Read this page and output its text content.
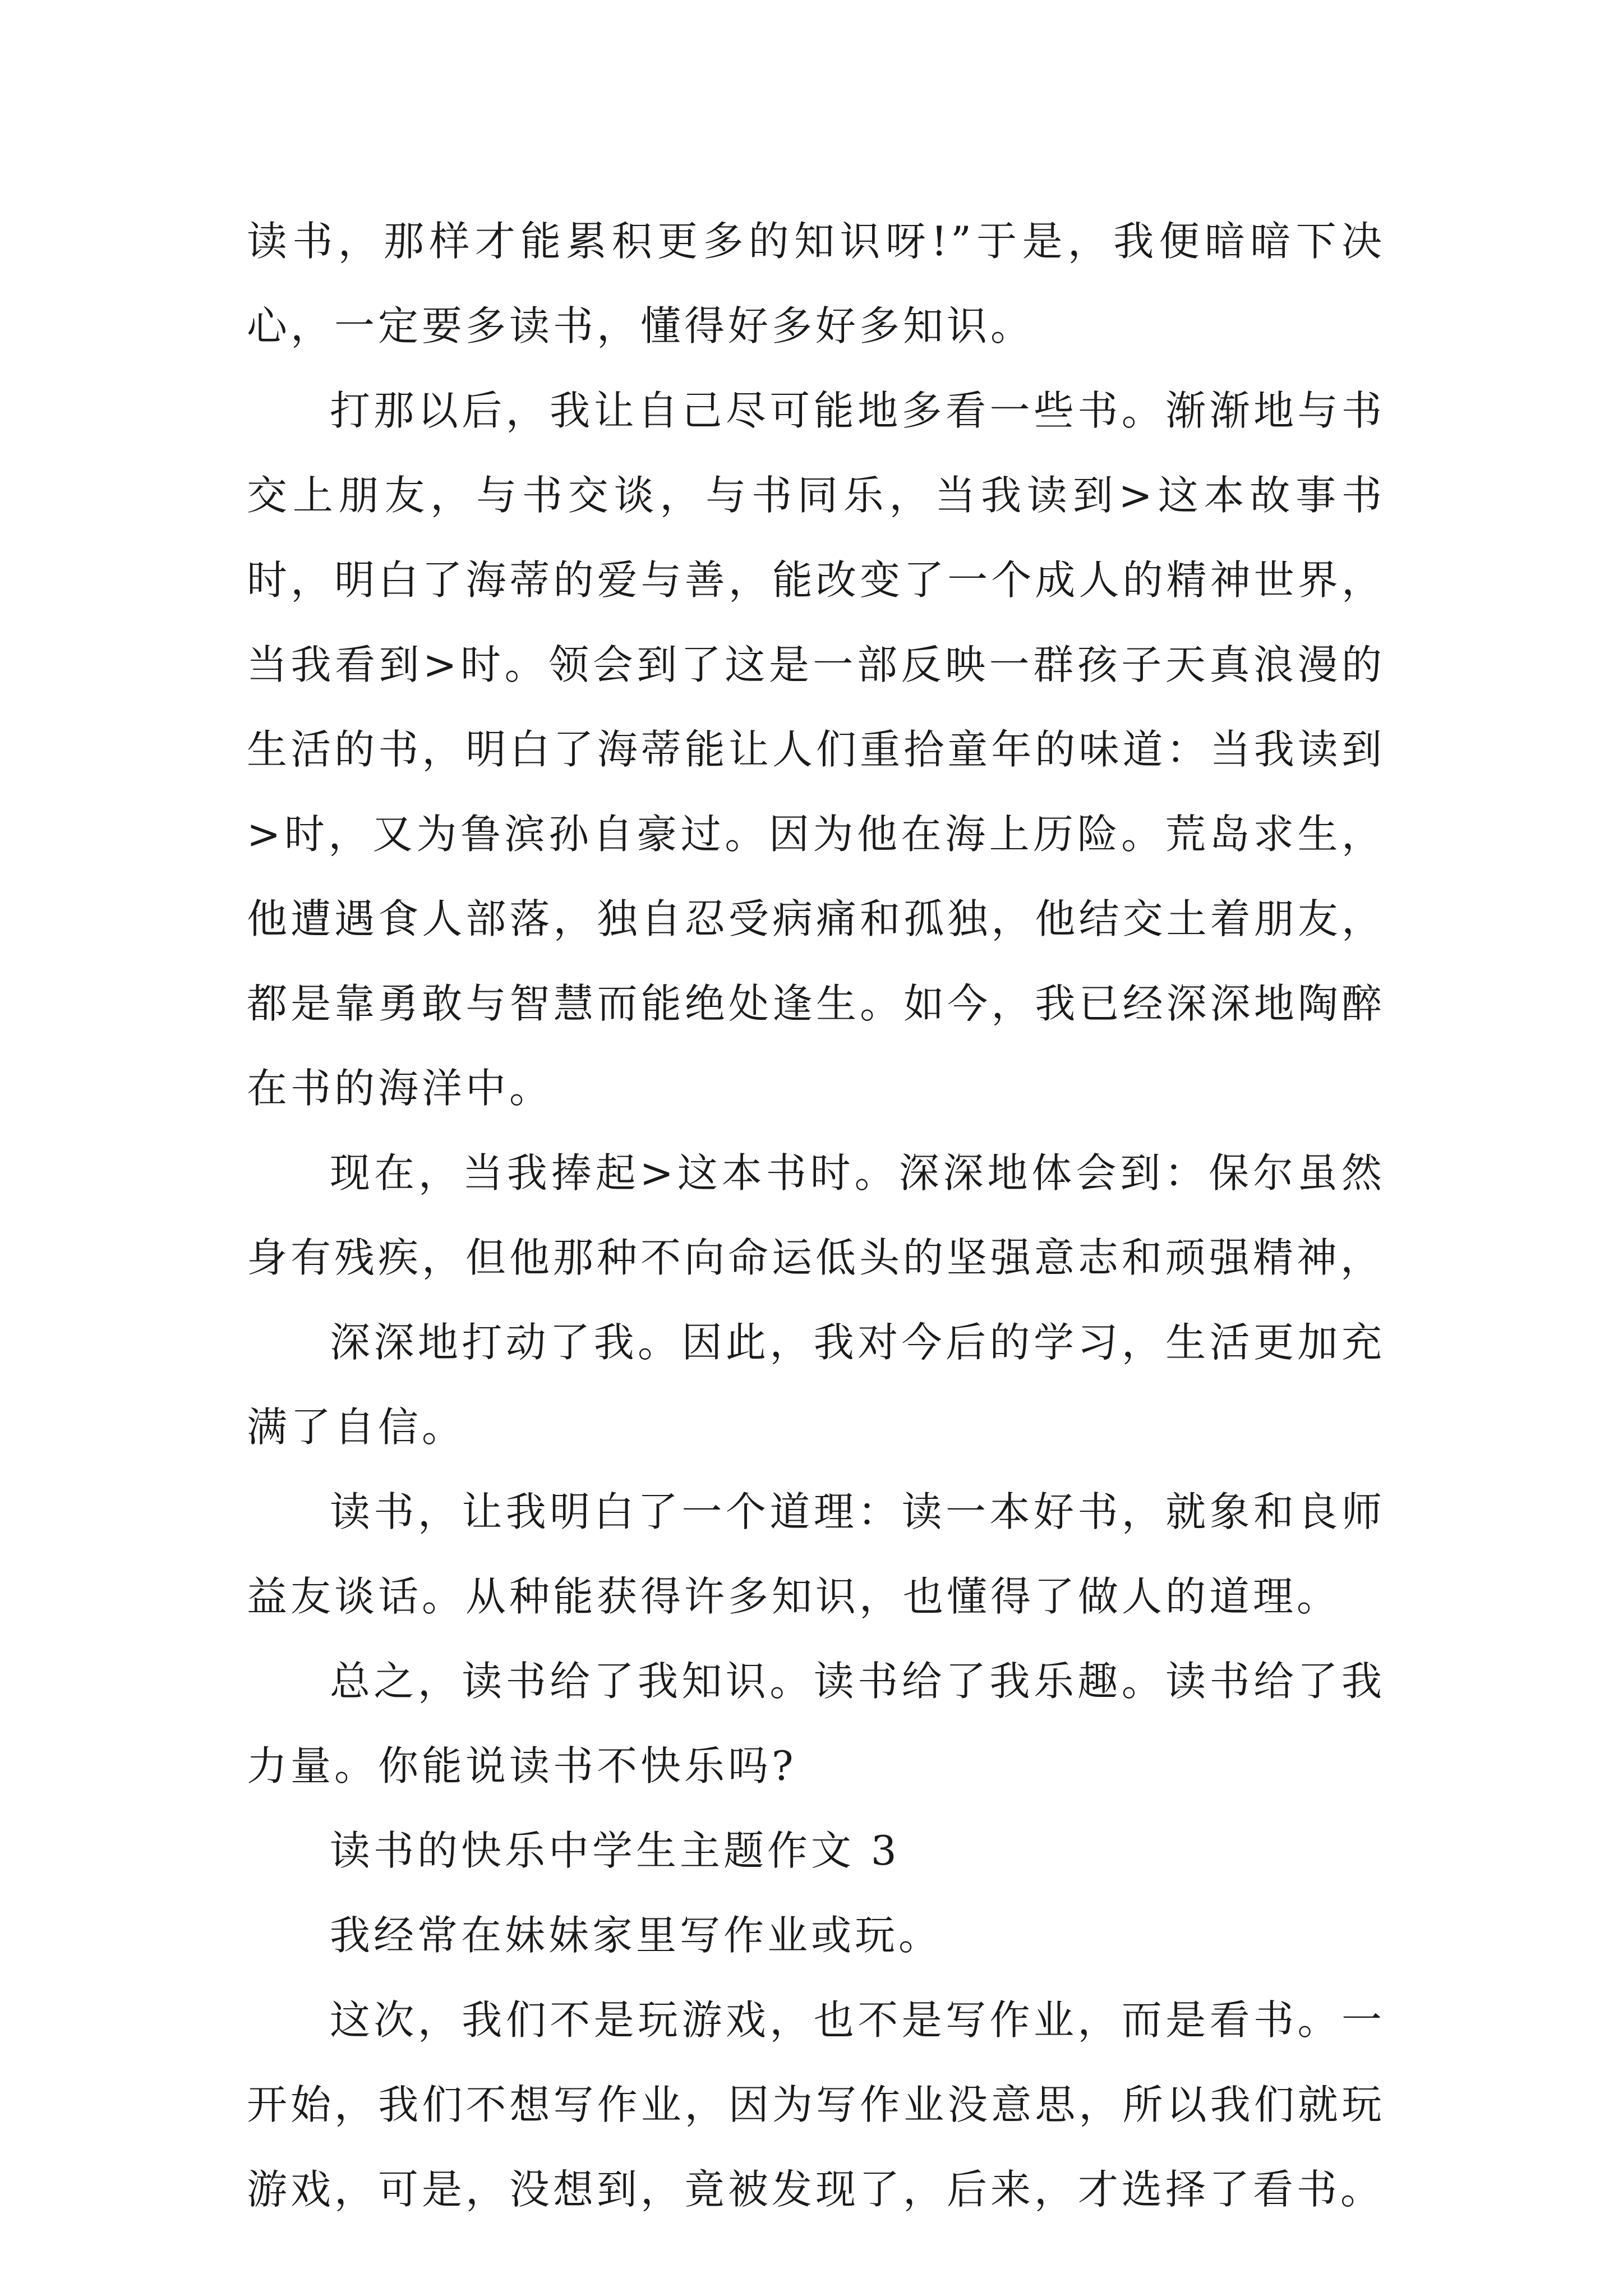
读书，那样才能累积更多的知识呀!”于是，我便暗暗下决心，一定要多读书，懂得好多好多知识。

打那以后，我让自己尽可能地多看一些书。渐渐地与书交上朋友，与书交谈，与书同乐，当我读到>这本故事书时，明白了海蒂的爱与善，能改变了一个成人的精神世界，当我看到>时。领会到了这是一部反映一群孩子天真浪漫的生活的书，明白了海蒂能让人们重拾童年的味道：当我读到>时，又为鲁滨孙自豪过。因为他在海上历险。荒岛求生，他遭遇食人部落，独自忍受病痛和孤独，他结交土着朋友，都是靠勇敢与智慧而能绝处逢生。如今，我已经深深地陶醉在书的海洋中。

现在，当我捧起>这本书时。深深地体会到：保尔虽然身有残疾，但他那种不向命运低头的坚强意志和顽强精神，

深深地打动了我。因此，我对今后的学习，生活更加充满了自信。

读书，让我明白了一个道理：读一本好书，就象和良师益友谈话。从种能获得许多知识，也懂得了做人的道理。

总之，读书给了我知识。读书给了我乐趣。读书给了我力量。你能说读书不快乐吗?

读书的快乐中学生主题作文 3

我经常在妹妹家里写作业或玩。

这次，我们不是玩游戏，也不是写作业，而是看书。一开始，我们不想写作业，因为写作业没意思，所以我们就玩游戏，可是，没想到，竟被发现了，后来，才选择了看书。
